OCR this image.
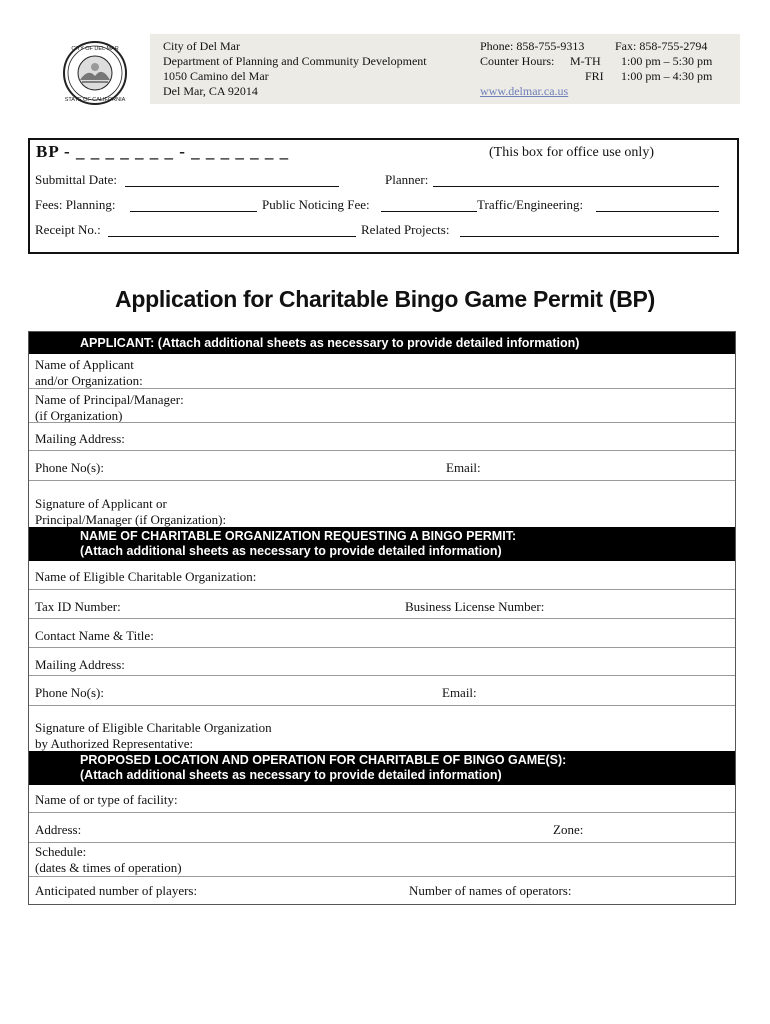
CITY OF DEL MAR
STATE OF CALIFORNIA
City of Del Mar
Department of Planning and Community Development
1050 Camino del Mar
Del Mar, CA 92014
Phone: 858-755-9313	Fax: 858-755-2794
Counter Hours: M-TH 1:00 pm – 5:30 pm
FRI 1:00 pm – 4:30 pm
www.delmar.ca.us
BP - _ _ _ _ _ _ _ - _ _ _ _ _ _ _	(This box for office use only)
Submittal Date:	Planner:
Fees: Planning:	Public Noticing Fee:	Traffic/Engineering:
Receipt No.:	Related Projects:
Application for Charitable Bingo Game Permit (BP)
APPLICANT: (Attach additional sheets as necessary to provide detailed information)
Name of Applicant
and/or Organization:
Name of Principal/Manager:
(if Organization)
Mailing Address:
Phone No(s):	Email:
Signature of Applicant or
Principal/Manager (if Organization):
NAME OF CHARITABLE ORGANIZATION REQUESTING A BINGO PERMIT:
(Attach additional sheets as necessary to provide detailed information)
Name of Eligible Charitable Organization:
Tax ID Number:	Business License Number:
Contact Name & Title:
Mailing Address:
Phone No(s):	Email:
Signature of Eligible Charitable Organization
by Authorized Representative:
PROPOSED LOCATION AND OPERATION FOR CHARITABLE OF BINGO GAME(S):
(Attach additional sheets as necessary to provide detailed information)
Name of or type of facility:
Address:	Zone:
Schedule:
(dates & times of operation)
Anticipated number of players:	Number of names of operators:
